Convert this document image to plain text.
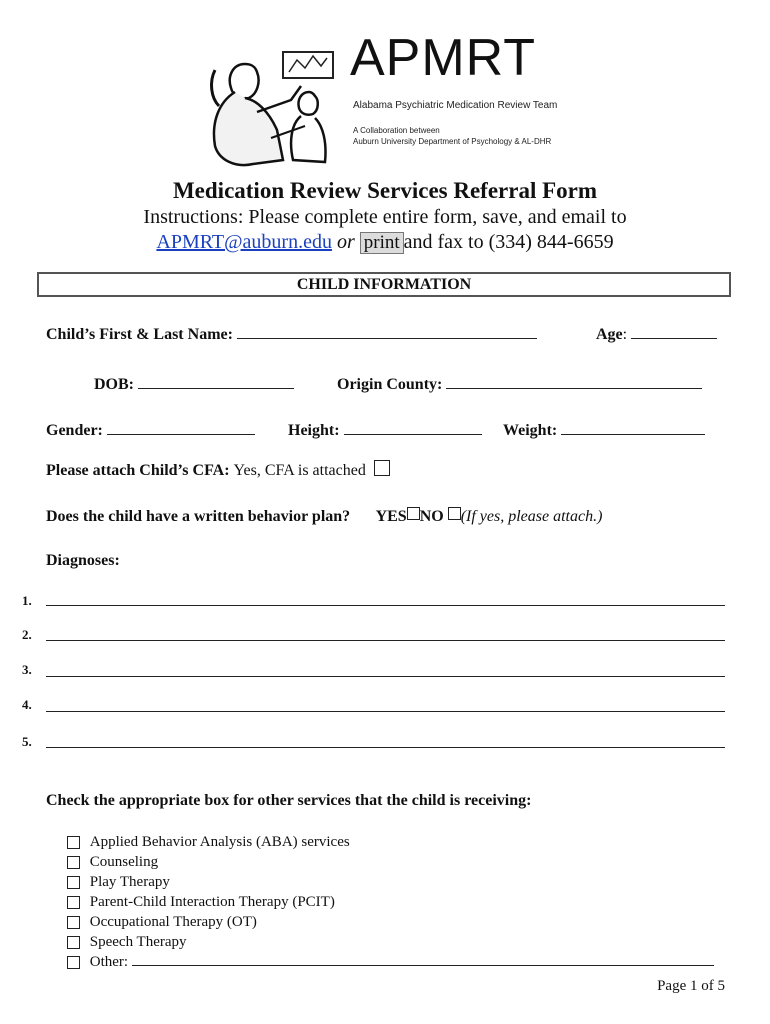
APMRT
Alabama Psychiatric Medication Review Team
A Collaboration between
Auburn University Department of Psychology & AL-DHR
Medication Review Services Referral Form
Instructions: Please complete entire form, save, and email to
APMRT@auburn.edu or print and fax to (334) 844-6659
CHILD INFORMATION
Child’s First & Last Name:	Age:
DOB:	Origin County:
Gender:	Height:	Weight:
Please attach Child’s CFA: Yes, CFA is attached
Does the child have a written behavior plan? YES NO (If yes, please attach.)
Diagnoses:
1.
2.
3.
4.
5.
Check the appropriate box for other services that the child is receiving:
Applied Behavior Analysis (ABA) services
Counseling
Play Therapy
Parent-Child Interaction Therapy (PCIT)
Occupational Therapy (OT)
Speech Therapy
Other:
Page 1 of 5
